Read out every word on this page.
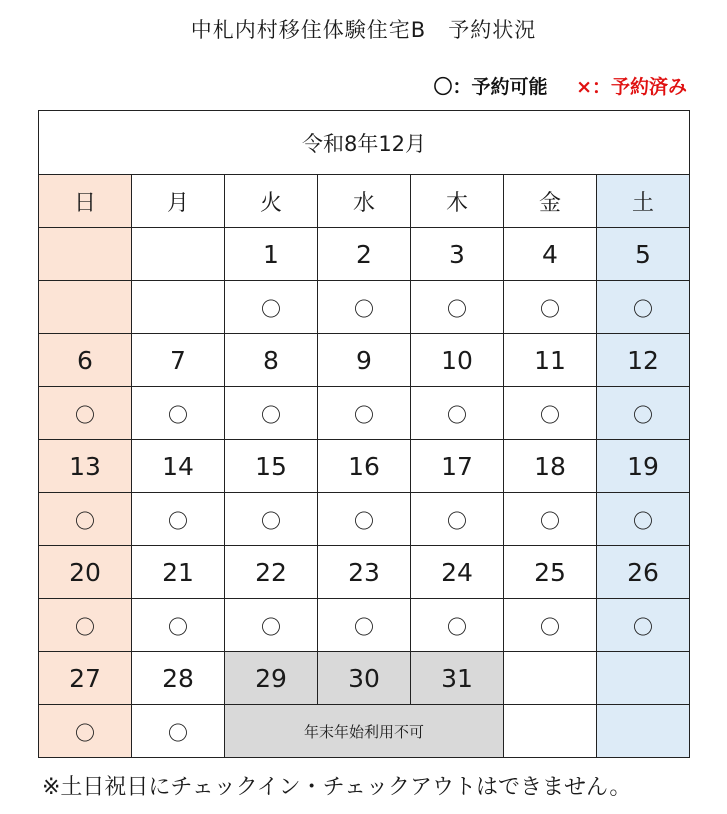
中札内村移住体験住宅B　予約状況
〇：予約可能 ×：予約済み
令和8年12月						
日	月	火	水	木	金	土
		1	2	3	4	5
		〇	〇	〇	〇	〇
6	7	8	9	10	11	12
〇	〇	〇	〇	〇	〇	〇
13	14	15	16	17	18	19
〇	〇	〇	〇	〇	〇	〇
20	21	22	23	24	25	26
〇	〇	〇	〇	〇	〇	〇
27	28	29	30	31		
〇	〇	年末年始利用不可				
※土日祝日にチェックイン・チェックアウトはできません。
